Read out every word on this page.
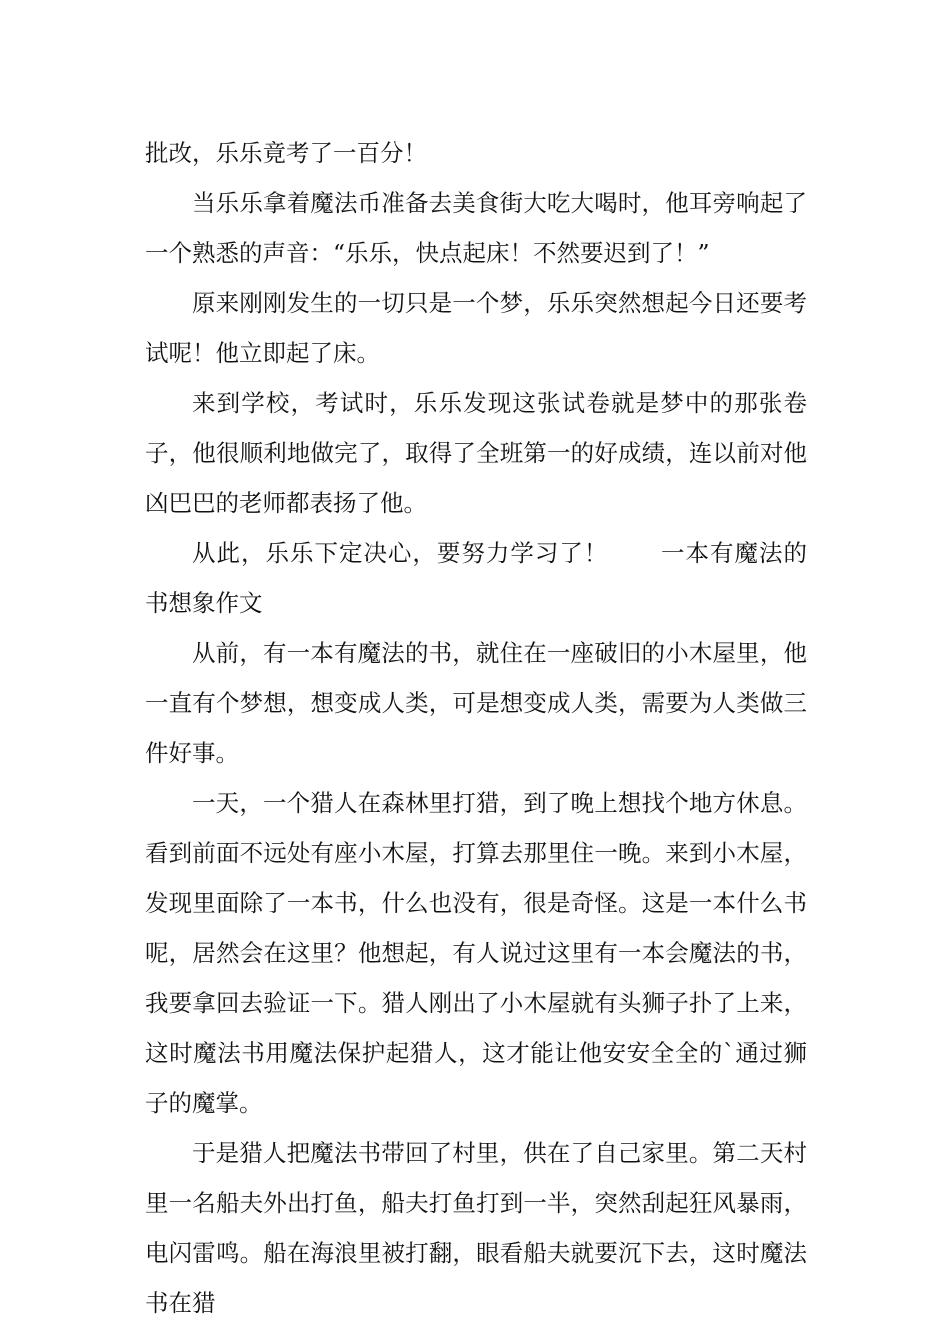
批改，乐乐竟考了一百分！

当乐乐拿着魔法币准备去美食街大吃大喝时，他耳旁响起了一个熟悉的声音：“乐乐，快点起床！不然要迟到了！”

原来刚刚发生的一切只是一个梦，乐乐突然想起今日还要考试呢！他立即起了床。

来到学校，考试时，乐乐发现这张试卷就是梦中的那张卷子，他很顺利地做完了，取得了全班第一的好成绩，连以前对他凶巴巴的老师都表扬了他。

从此，乐乐下定决心，要努力学习了！ 一本有魔法的书想象作文

从前，有一本有魔法的书，就住在一座破旧的小木屋里，他一直有个梦想，想变成人类，可是想变成人类，需要为人类做三件好事。

一天，一个猎人在森林里打猎，到了晚上想找个地方休息。看到前面不远处有座小木屋，打算去那里住一晚。来到小木屋，发现里面除了一本书，什么也没有，很是奇怪。这是一本什么书呢，居然会在这里？他想起，有人说过这里有一本会魔法的书，我要拿回去验证一下。猎人刚出了小木屋就有头狮子扑了上来，这时魔法书用魔法保护起猎人，这才能让他安安全全的`通过狮子的魔掌。

于是猎人把魔法书带回了村里，供在了自己家里。第二天村里一名船夫外出打鱼，船夫打鱼打到一半，突然刮起狂风暴雨，电闪雷鸣。船在海浪里被打翻，眼看船夫就要沉下去，这时魔法书在猎
